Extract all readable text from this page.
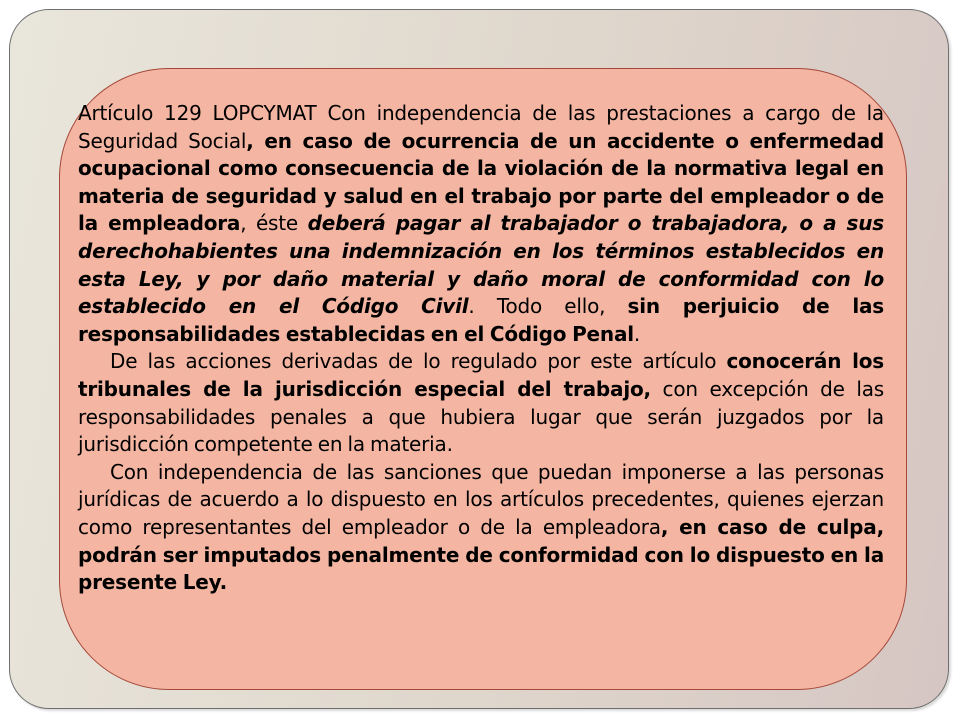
Artículo 129 LOPCYMAT Con independencia de las prestaciones a cargo de la Seguridad Social, en caso de ocurrencia de un accidente o enfermedad ocupacional como consecuencia de la violación de la normativa legal en materia de seguridad y salud en el trabajo por parte del empleador o de la empleadora, éste deberá pagar al trabajador o trabajadora, o a sus derechohabientes una indemnización en los términos establecidos en esta Ley, y por daño material y daño moral de conformidad con lo establecido en el Código Civil. Todo ello, sin perjuicio de las responsabilidades establecidas en el Código Penal.

De las acciones derivadas de lo regulado por este artículo conocerán los tribunales de la jurisdicción especial del trabajo, con excepción de las responsabilidades penales a que hubiera lugar que serán juzgados por la jurisdicción competente en la materia.

Con independencia de las sanciones que puedan imponerse a las personas jurídicas de acuerdo a lo dispuesto en los artículos precedentes, quienes ejerzan como representantes del empleador o de la empleadora, en caso de culpa, podrán ser imputados penalmente de conformidad con lo dispuesto en la presente Ley.
